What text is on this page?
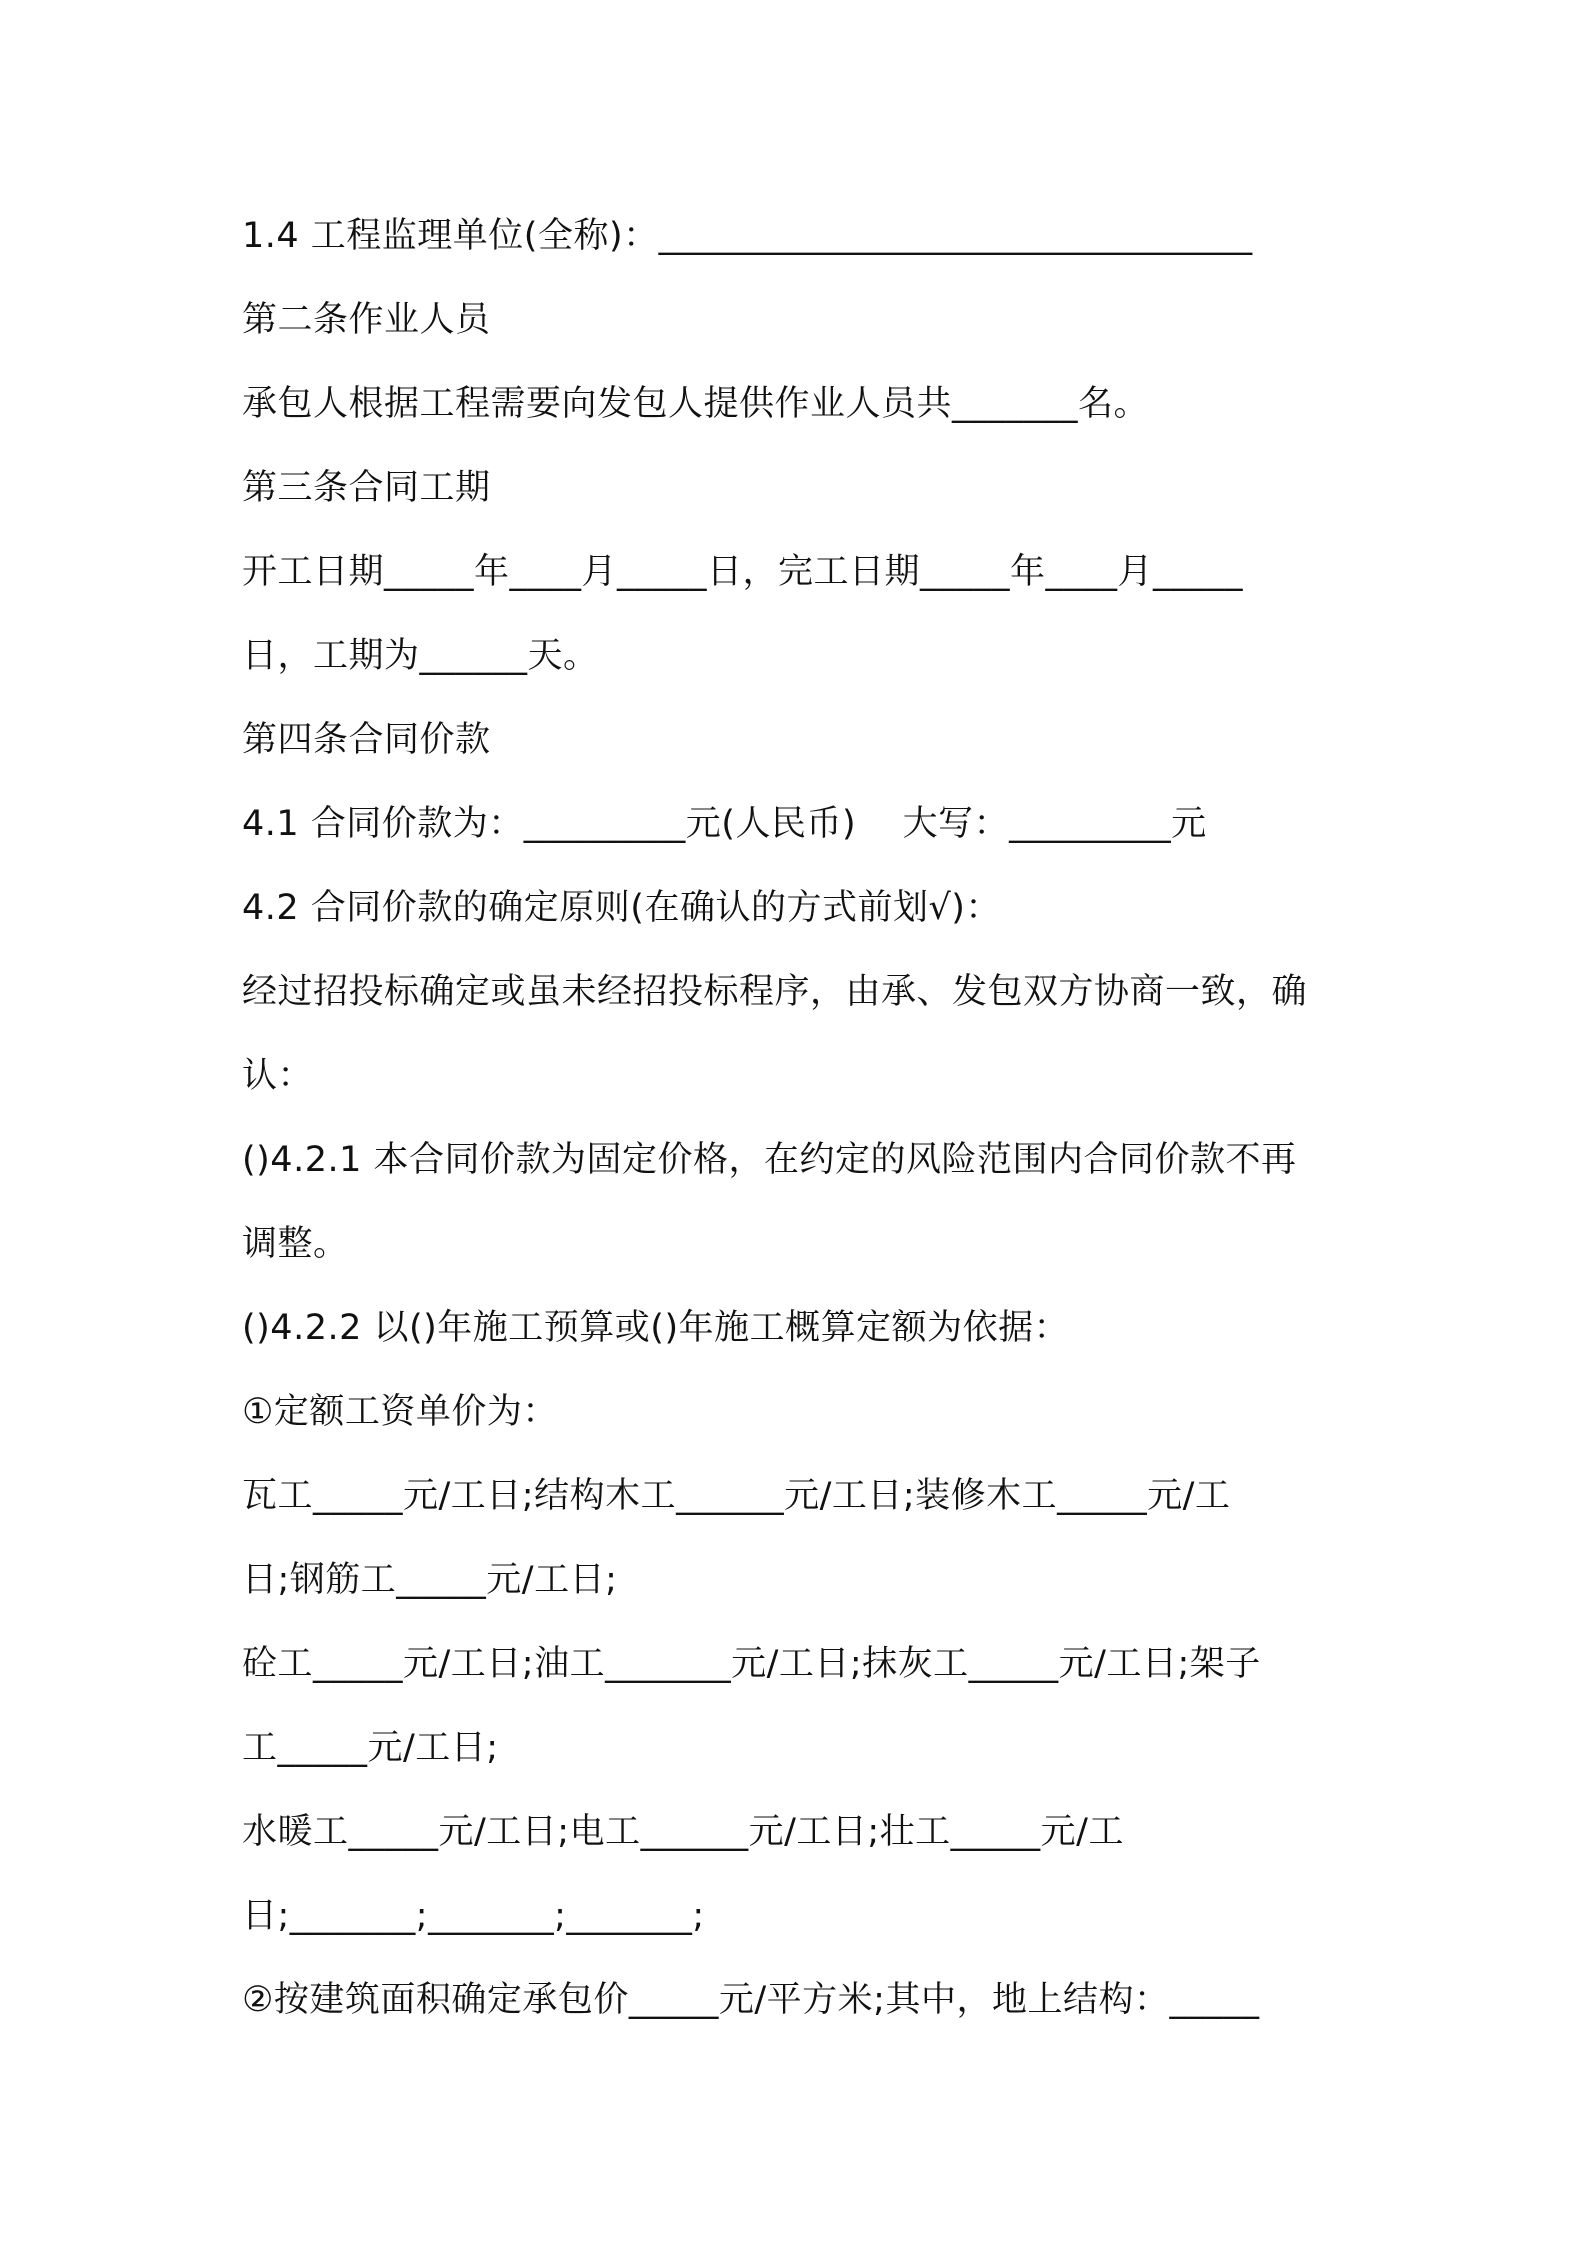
1.4 工程监理单位(全称)：_________________________________
第二条作业人员
承包人根据工程需要向发包人提供作业人员共_______名。
第三条合同工期
开工日期_____年____月_____日，完工日期_____年____月_____
日，工期为______天。
第四条合同价款
4.1 合同价款为：_________元(人民币)    大写：_________元
4.2 合同价款的确定原则(在确认的方式前划√)：
经过招投标确定或虽未经招投标程序，由承、发包双方协商一致，确
认：
()4.2.1 本合同价款为固定价格，在约定的风险范围内合同价款不再
调整。
()4.2.2 以()年施工预算或()年施工概算定额为依据：
①定额工资单价为：
瓦工_____元/工日;结构木工______元/工日;装修木工_____元/工
日;钢筋工_____元/工日;
砼工_____元/工日;油工_______元/工日;抹灰工_____元/工日;架子
工_____元/工日;
水暖工_____元/工日;电工______元/工日;壮工_____元/工
日;_______;_______;_______;
②按建筑面积确定承包价_____元/平方米;其中，地上结构：_____
